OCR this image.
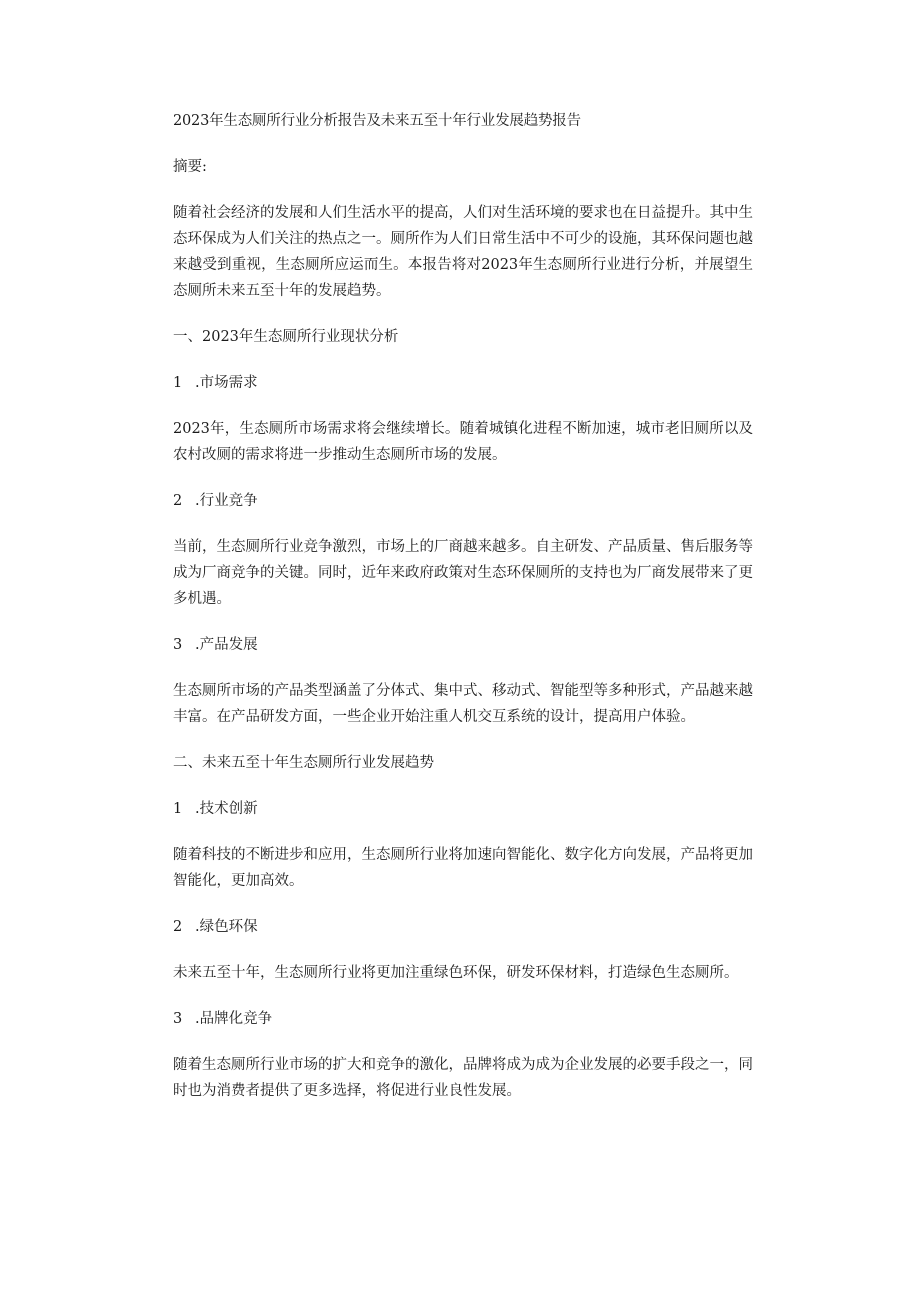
2023年生态厕所行业分析报告及未来五至十年行业发展趋势报告
摘要:
随着社会经济的发展和人们生活水平的提高，人们对生活环境的要求也在日益提升。其中生态环保成为人们关注的热点之一。厕所作为人们日常生活中不可少的设施，其环保问题也越来越受到重视，生态厕所应运而生。本报告将对2023年生态厕所行业进行分析，并展望生态厕所未来五至十年的发展趋势。
一、2023年生态厕所行业现状分析
1 .市场需求
2023年，生态厕所市场需求将会继续增长。随着城镇化进程不断加速，城市老旧厕所以及农村改厕的需求将进一步推动生态厕所市场的发展。
2 .行业竞争
当前，生态厕所行业竞争激烈，市场上的厂商越来越多。自主研发、产品质量、售后服务等成为厂商竞争的关键。同时，近年来政府政策对生态环保厕所的支持也为厂商发展带来了更多机遇。
3 .产品发展
生态厕所市场的产品类型涵盖了分体式、集中式、移动式、智能型等多种形式，产品越来越丰富。在产品研发方面，一些企业开始注重人机交互系统的设计，提高用户体验。
二、未来五至十年生态厕所行业发展趋势
1 .技术创新
随着科技的不断进步和应用，生态厕所行业将加速向智能化、数字化方向发展，产品将更加智能化，更加高效。
2 .绿色环保
未来五至十年，生态厕所行业将更加注重绿色环保，研发环保材料，打造绿色生态厕所。
3 .品牌化竞争
随着生态厕所行业市场的扩大和竞争的激化，品牌将成为成为企业发展的必要手段之一，同时也为消费者提供了更多选择，将促进行业良性发展。
